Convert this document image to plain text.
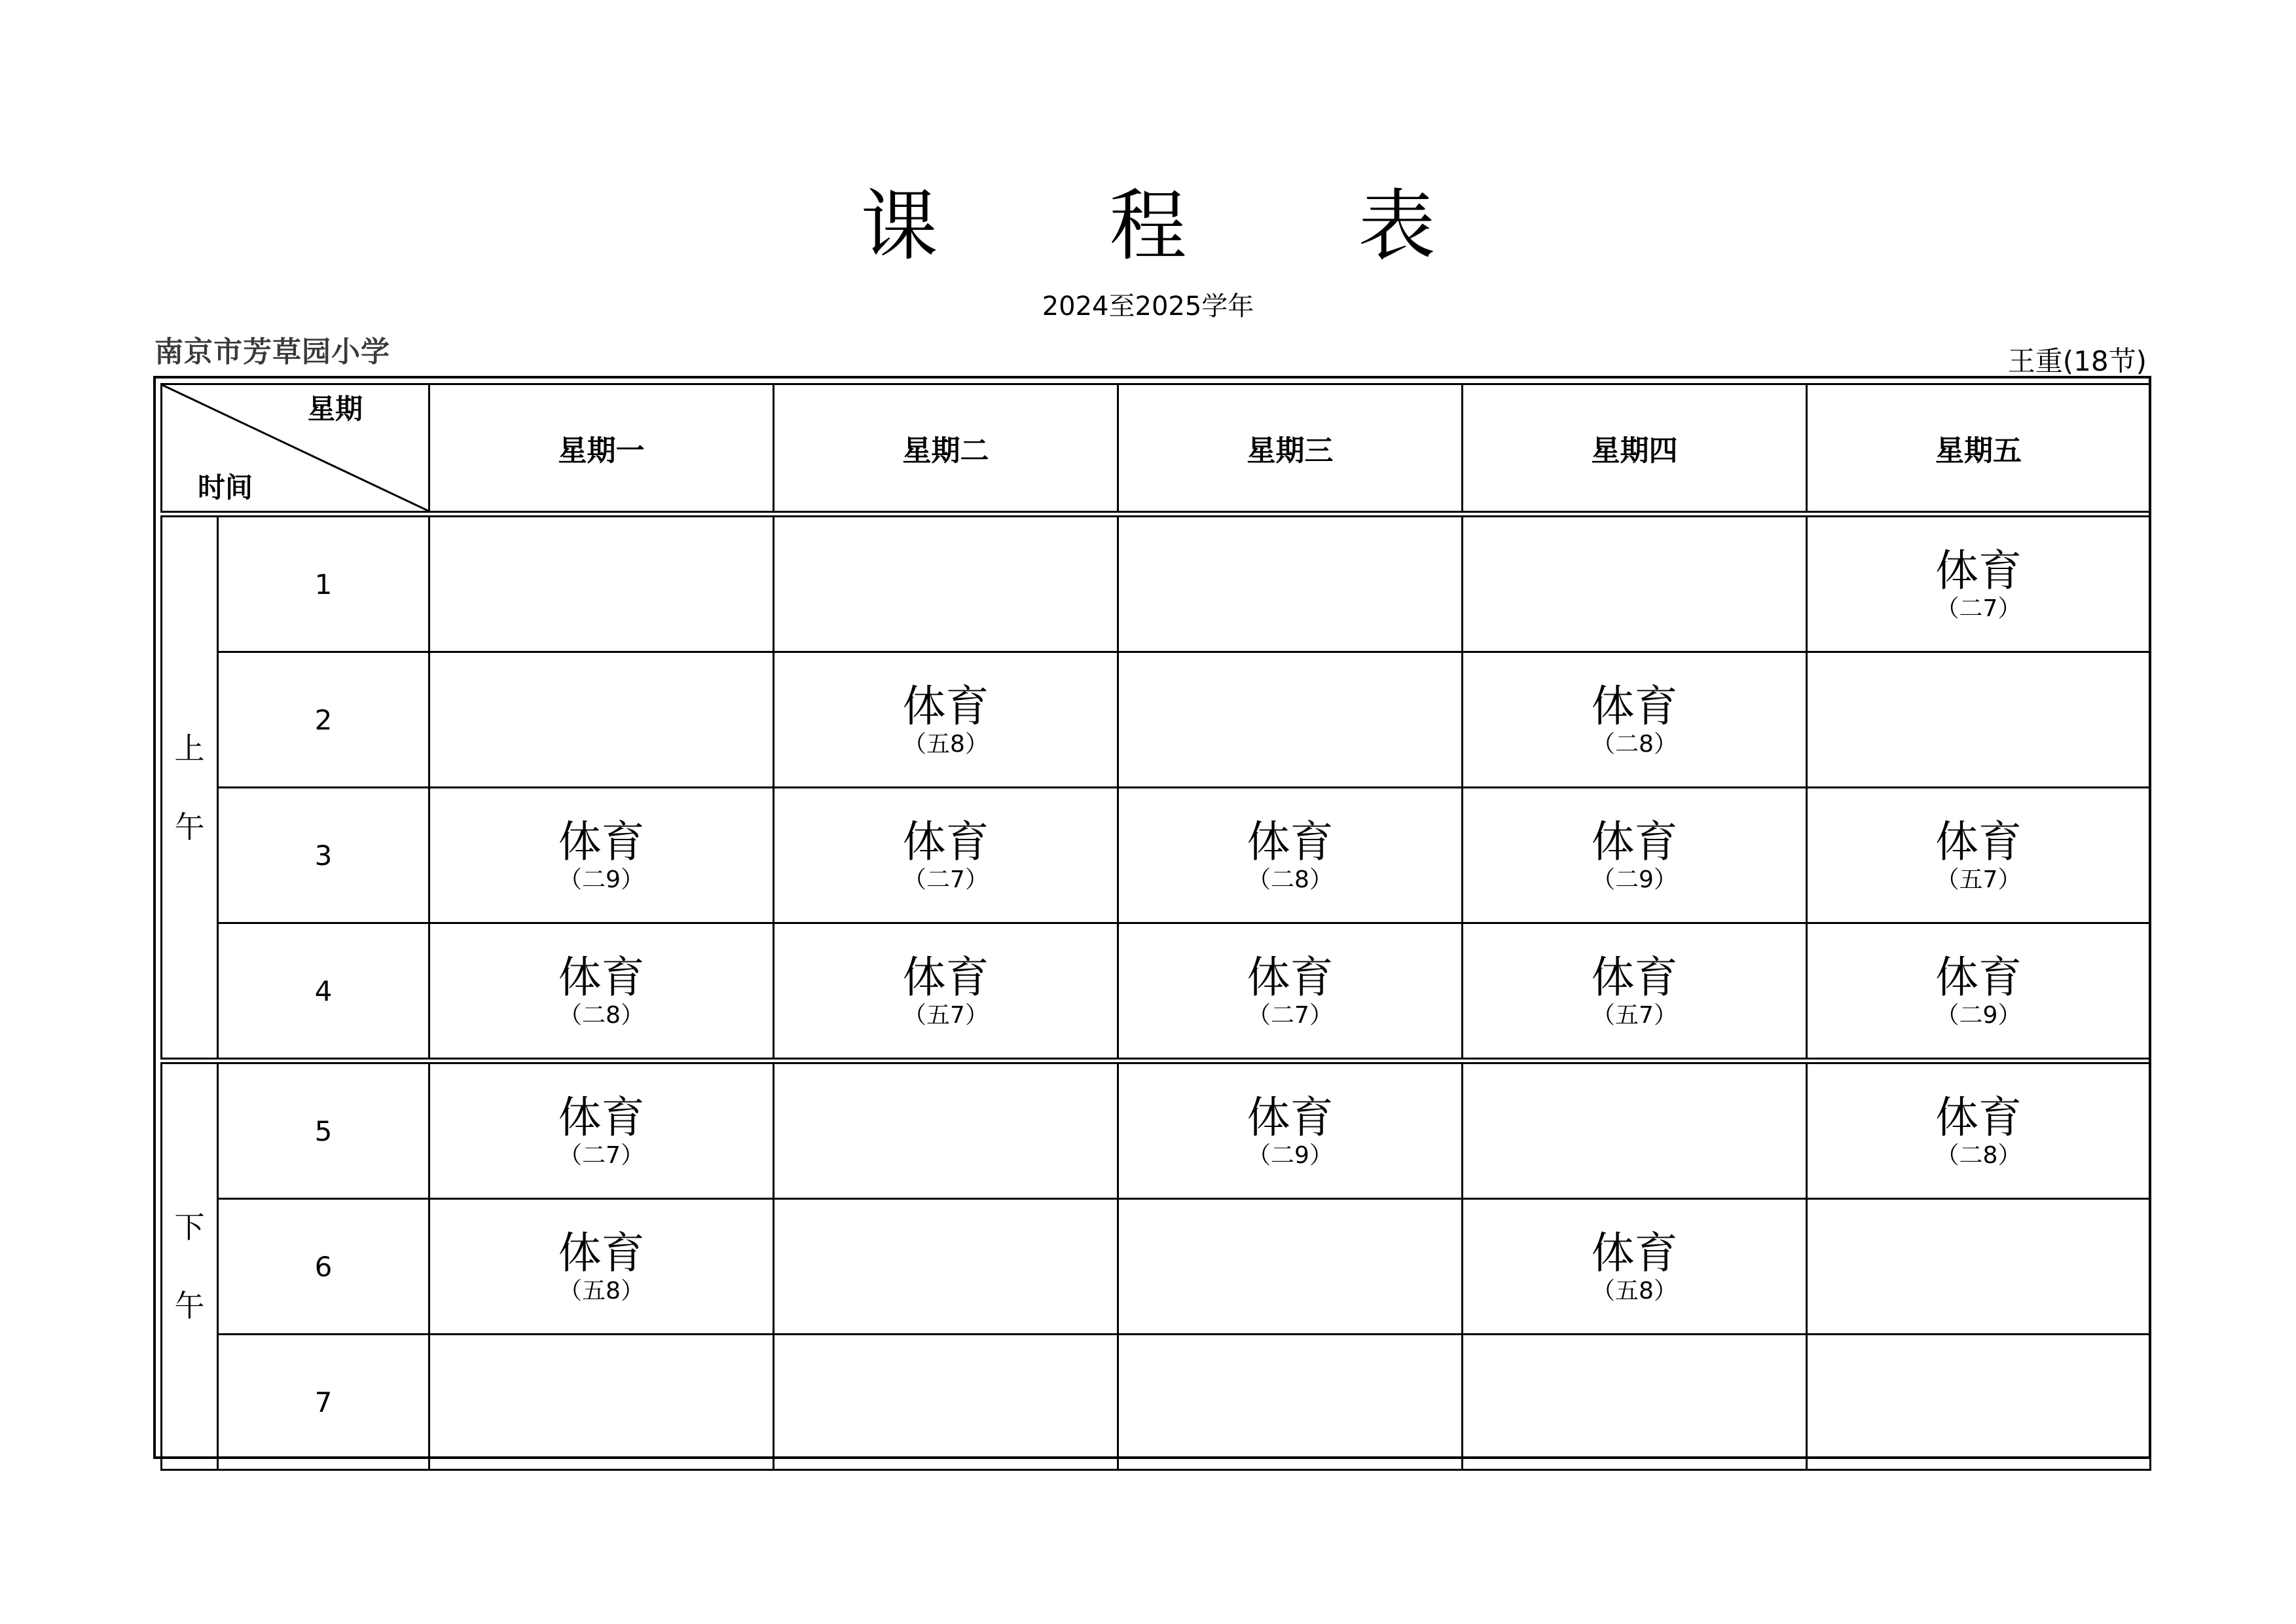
课 程 表
2024至2025学年
南京市芳草园小学	王重(18节)
星期
时间		星期一	星期二	星期三	星期四	星期五

上
午	1					体育
（二7）

	2		体育
（五8）		体育
（二8）	

	3	体育
（二9）	体育
（二7）	体育
（二8）	体育
（二9）	体育
（五7）

	4	体育
（二8）	体育
（五7）	体育
（二7）	体育
（五7）	体育
（二9）

下
午	5	体育
（二7）		体育
（二9）		体育
（二8）

	6	体育
（五8）			体育
（五8）	

	7					
